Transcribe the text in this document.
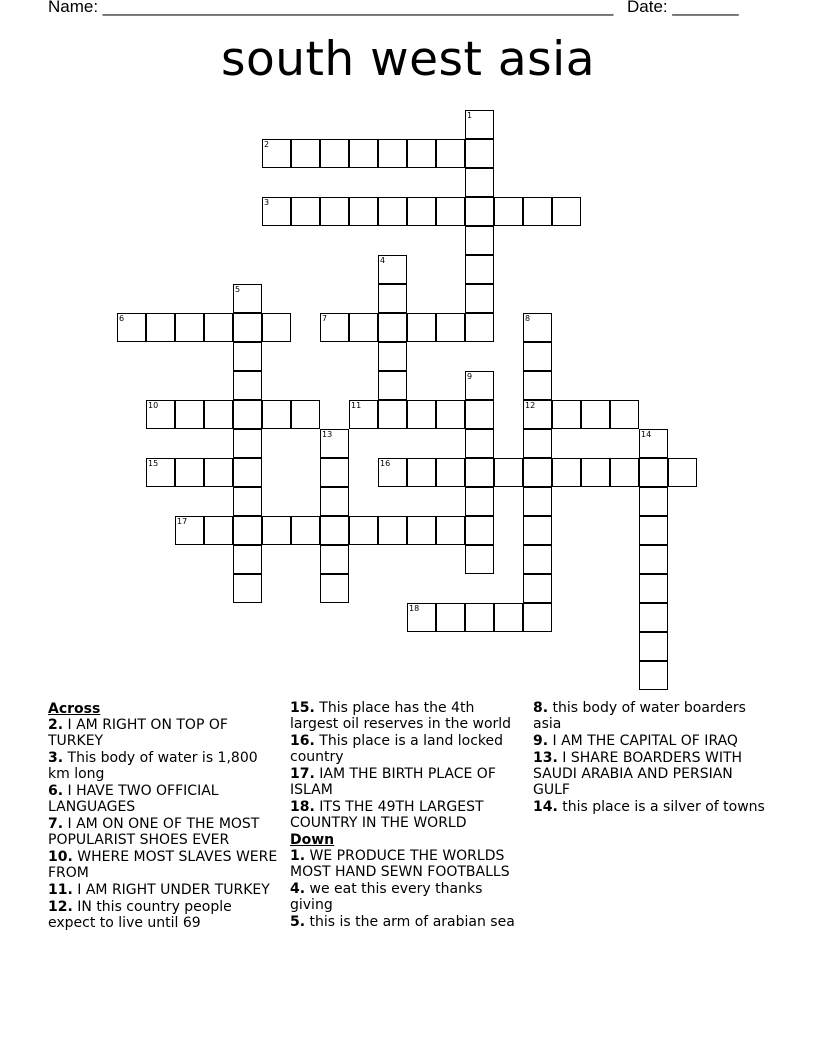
Name: ______________________________________________________ Date: _______
south west asia
1
2
3
4
5
6	7	8
12
9
10	11
13	14
15	16
17
18
Across
2. I AM RIGHT ON TOP OF TURKEY
3. This body of water is 1,800 km long
6. I HAVE TWO OFFICIAL LANGUAGES
7. I AM ON ONE OF THE MOST POPULARIST SHOES EVER
10. WHERE MOST SLAVES WERE FROM
11. I AM RIGHT UNDER TURKEY
12. IN this country people expect to live until 69
15. This place has the 4th largest oil reserves in the world
16. This place is a land locked country
17. IAM THE BIRTH PLACE OF ISLAM
18. ITS THE 49TH LARGEST COUNTRY IN THE WORLD
Down
1. WE PRODUCE THE WORLDS MOST HAND SEWN FOOTBALLS
4. we eat this every thanks giving
5. this is the arm of arabian sea
8. this body of water boarders asia
9. I AM THE CAPITAL OF IRAQ
13. I SHARE BOARDERS WITH SAUDI ARABIA AND PERSIAN GULF
14. this place is a silver of towns
